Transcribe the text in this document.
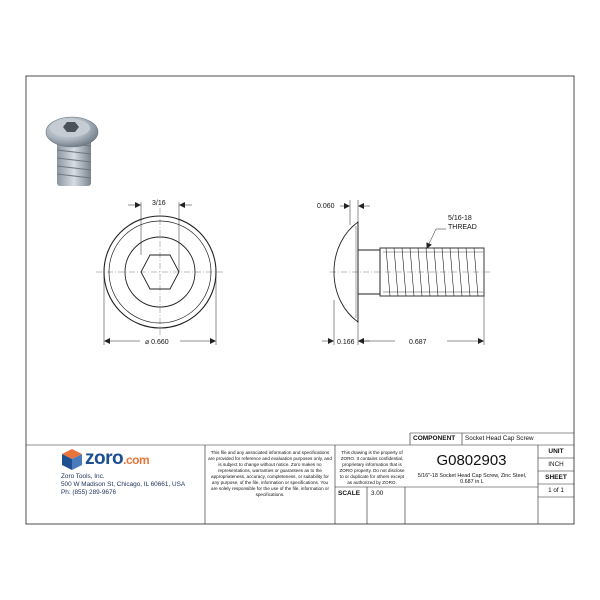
3/16
⌀ 0.660
0.060
5/16-18
THREAD
0.166	0.687
zoro.com
Zoro Tools, Inc.
500 W Madison St, Chicago, IL 60661, USA
Ph: (855) 289-9676
This file and any associated information and specifications are provided for reference and evaluation purposes only, and is subject to change without notice. Zoro makes no representations, warranties or guarantees as to the appropriateness, accuracy, completeness, or suitability for any purpose, of the file, information or specifications. You are solely responsible for the use of the file, information or specifications.
This drawing is the property of ZORO. It contains confidential, proprietary information that is ZORO property. Do not disclose to or duplicate for others except as authorized by ZORO.
COMPONENT Socket Head Cap Screw
G0802903
5/16"-18 Socket Head Cap Screw, Zinc Steel, 0.687 in L
SCALE 3.00
UNIT
INCH
SHEET
1 of 1
